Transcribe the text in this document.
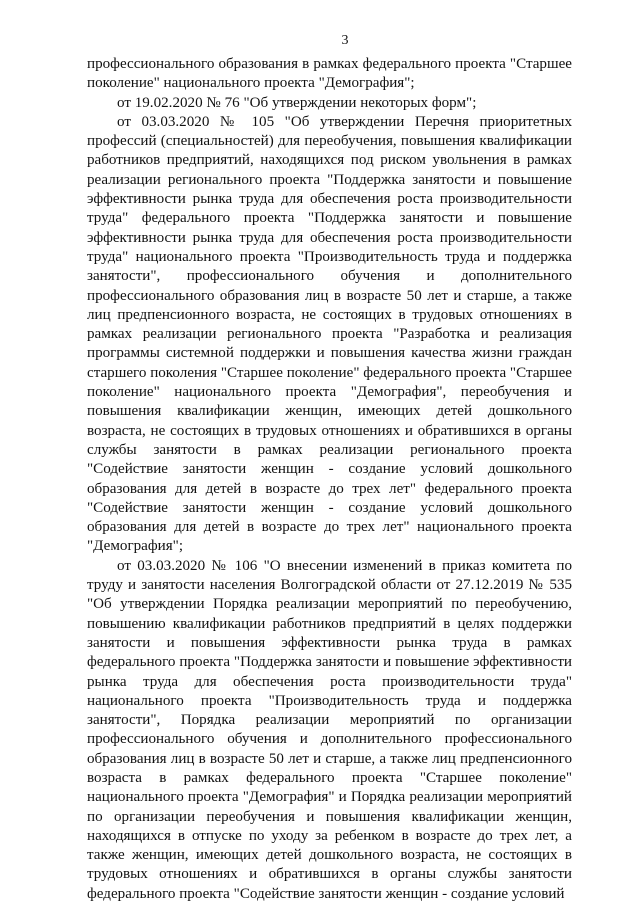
3

профессионального образования в рамках федерального проекта "Старшее поколение" национального проекта "Демография";

от 19.02.2020 № 76 "Об утверждении некоторых форм";

от 03.03.2020 № 105 "Об утверждении Перечня приоритетных профессий (специальностей) для переобучения, повышения квалификации работников предприятий, находящихся под риском увольнения в рамках реализации регионального проекта "Поддержка занятости и повышение эффективности рынка труда для обеспечения роста производительности труда" федерального проекта "Поддержка занятости и повышение эффективности рынка труда для обеспечения роста производительности труда" национального проекта "Производительность труда и поддержка занятости", профессионального обучения и дополнительного профессионального образования лиц в возрасте 50 лет и старше, а также лиц предпенсионного возраста, не состоящих в трудовых отношениях в рамках реализации регионального проекта "Разработка и реализация программы системной поддержки и повышения качества жизни граждан старшего поколения "Старшее поколение" федерального проекта "Старшее поколение" национального проекта "Демография", переобучения и повышения квалификации женщин, имеющих детей дошкольного возраста, не состоящих в трудовых отношениях и обратившихся в органы службы занятости в рамках реализации регионального проекта "Содействие занятости женщин - создание условий дошкольного образования для детей в возрасте до трех лет" федерального проекта "Содействие занятости женщин - создание условий дошкольного образования для детей в возрасте до трех лет" национального проекта "Демография";

от 03.03.2020 № 106 "О внесении изменений в приказ комитета по труду и занятости населения Волгоградской области от 27.12.2019 № 535 "Об утверждении Порядка реализации мероприятий по переобучению, повышению квалификации работников предприятий в целях поддержки занятости и повышения эффективности рынка труда в рамках федерального проекта "Поддержка занятости и повышение эффективности рынка труда для обеспечения роста производительности труда" национального проекта "Производительность труда и поддержка занятости", Порядка реализации мероприятий по организации профессионального обучения и дополнительного профессионального образования лиц в возрасте 50 лет и старше, а также лиц предпенсионного возраста в рамках федерального проекта "Старшее поколение" национального проекта "Демография" и Порядка реализации мероприятий по организации переобучения и повышения квалификации женщин, находящихся в отпуске по уходу за ребенком в возрасте до трех лет, а также женщин, имеющих детей дошкольного возраста, не состоящих в трудовых отношениях и обратившихся в органы службы занятости федерального проекта "Содействие занятости женщин - создание условий
